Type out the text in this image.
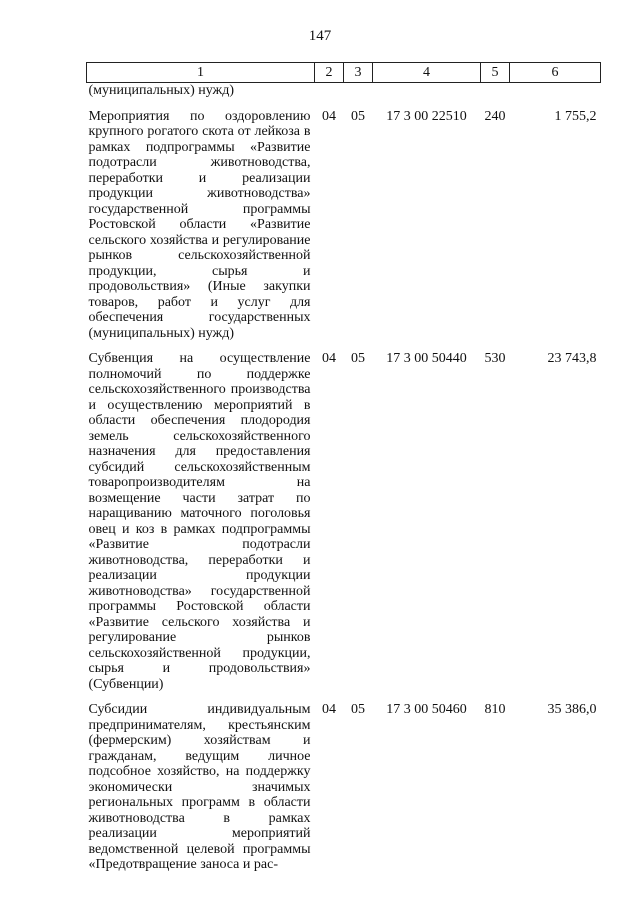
147
1	2	3	4	5	6
(муниципальных) нужд)					

Мероприятия по оздоровлению крупного рогатого скота от лейкоза в рамках подпрограммы «Развитие подотрасли животноводства, переработки и реализации продукции животноводства» государственной программы Ростовской области «Развитие сельского хозяйства и регулирование рынков сельскохозяйственной продукции, сырья и продовольствия» (Иные закупки товаров, работ и услуг для обеспечения государственных (муниципальных) нужд)	04	05	17 3 00 22510	240	1 755,2

Субвенция на осуществление полномочий по поддержке сельскохозяйственного производства и осуществлению мероприятий в области обеспечения плодородия земель сельскохозяйственного назначения для предоставления субсидий сельскохозяйственным товаропроизводителям на возмещение части затрат по наращиванию маточного поголовья овец и коз в рамках подпрограммы «Развитие подотрасли животноводства, переработки и реализации продукции животноводства» государственной программы Ростовской области «Развитие сельского хозяйства и регулирование рынков сельскохозяйственной продукции, сырья и продовольствия» (Субвенции)	04	05	17 3 00 50440	530	23 743,8

Субсидии индивидуальным предпринимателям, крестьянским (фермерским) хозяйствам и гражданам, ведущим личное подсобное хозяйство, на поддержку экономически значимых региональных программ в области животноводства в рамках реализации мероприятий ведомственной целевой программы «Предотвращение заноса и рас-	04	05	17 3 00 50460	810	35 386,0
